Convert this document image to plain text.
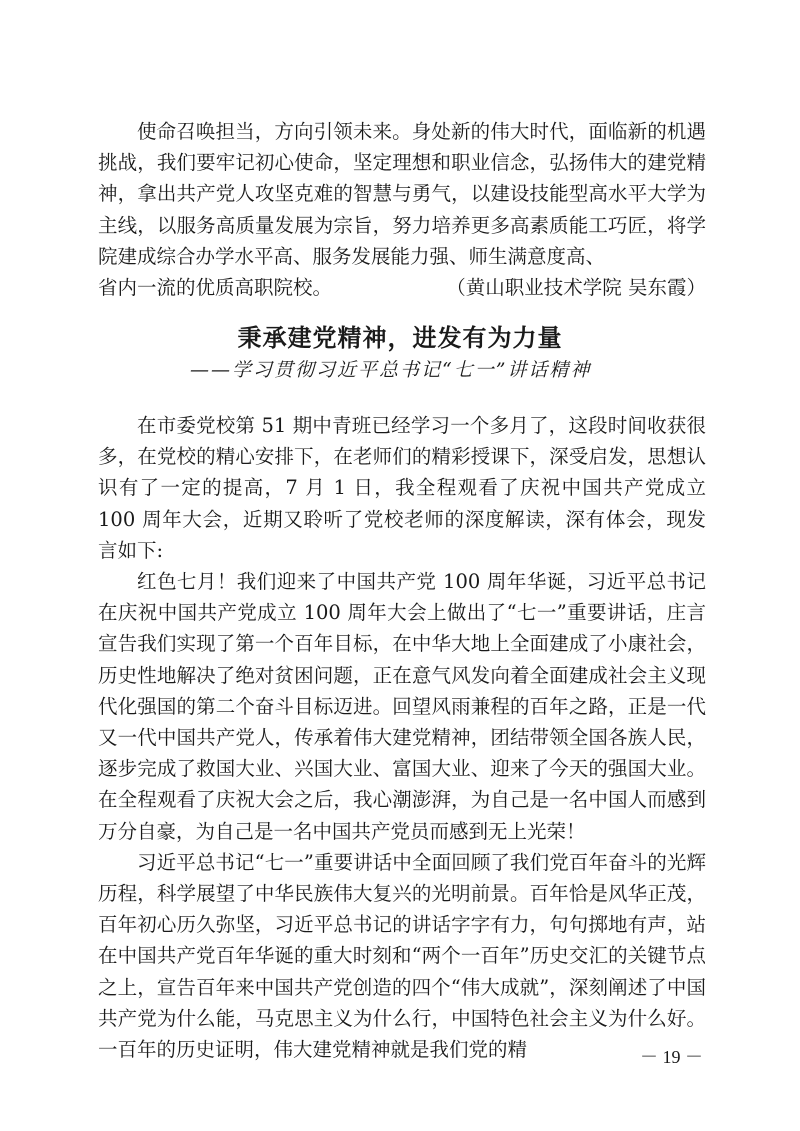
使命召唤担当，方向引领未来。身处新的伟大时代，面临新的机遇挑战，我们要牢记初心使命，坚定理想和职业信念，弘扬伟大的建党精神，拿出共产党人攻坚克难的智慧与勇气，以建设技能型高水平大学为主线，以服务高质量发展为宗旨，努力培养更多高素质能工巧匠，将学院建成综合办学水平高、服务发展能力强、师生满意度高、

省内一流的优质高职院校。	（黄山职业技术学院 吴东霞）
秉承建党精神，进发有为力量
——学习贯彻习近平总书记“七一”讲话精神

在市委党校第 51 期中青班已经学习一个多月了，这段时间收获很多，在党校的精心安排下，在老师们的精彩授课下，深受启发，思想认识有了一定的提高，7 月 1 日，我全程观看了庆祝中国共产党成立 100 周年大会，近期又聆听了党校老师的深度解读，深有体会，现发言如下:

红色七月！我们迎来了中国共产党 100 周年华诞，习近平总书记在庆祝中国共产党成立 100 周年大会上做出了“七一”重要讲话，庄言宣告我们实现了第一个百年目标，在中华大地上全面建成了小康社会，历史性地解决了绝对贫困问题，正在意气风发向着全面建成社会主义现代化强国的第二个奋斗目标迈进。回望风雨兼程的百年之路，正是一代又一代中国共产党人，传承着伟大建党精神，团结带领全国各族人民，逐步完成了救国大业、兴国大业、富国大业、迎来了今天的强国大业。在全程观看了庆祝大会之后，我心潮澎湃，为自己是一名中国人而感到万分自豪，为自己是一名中国共产党员而感到无上光荣！

习近平总书记“七一”重要讲话中全面回顾了我们党百年奋斗的光辉历程，科学展望了中华民族伟大复兴的光明前景。百年恰是风华正茂，百年初心历久弥坚，习近平总书记的讲话字字有力，句句掷地有声，站在中国共产党百年华诞的重大时刻和“两个一百年”历史交汇的关键节点之上，宣告百年来中国共产党创造的四个“伟大成就”，深刻阐述了中国共产党为什么能，马克思主义为什么行，中国特色社会主义为什么好。一百年的历史证明，伟大建党精神就是我们党的精	－ 19 －
